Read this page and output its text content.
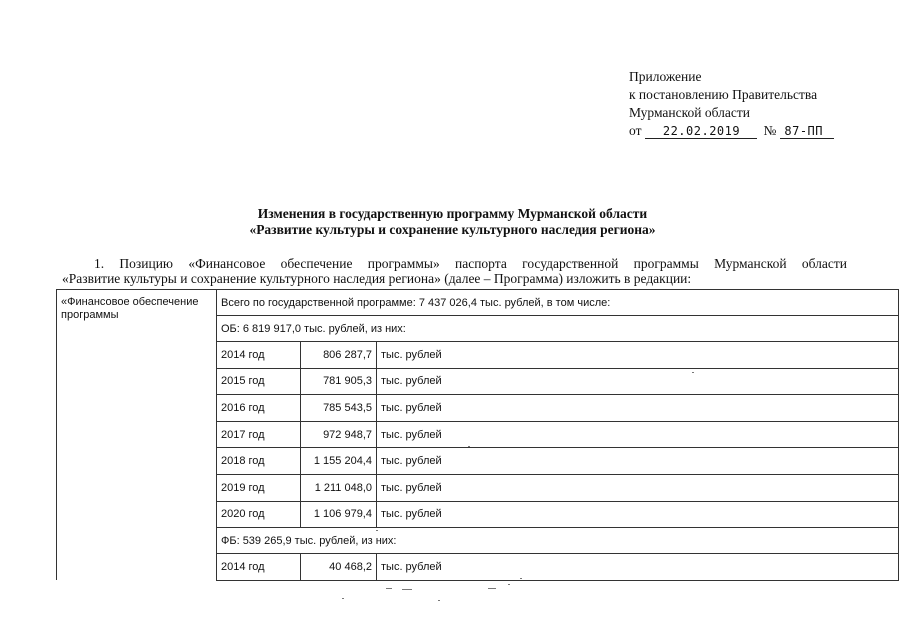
Приложение
к постановлению Правительства
Мурманской области
от 22.02.2019 № 87-ПП
Изменения в государственную программу Мурманской области
«Развитие культуры и сохранение культурного наследия региона»
1. Позицию «Финансовое обеспечение программы» паспорта государственной программы Мурманской области
«Развитие культуры и сохранение культурного наследия региона» (далее – Программа) изложить в редакции:
«Финансовое обеспечение
программы	Всего по государственной программе: 7 437 026,4 тыс. рублей, в том числе:		
	ОБ: 6 819 917,0 тыс. рублей, из них:		
	2014 год	806 287,7	тыс. рублей
	2015 год	781 905,3	тыс. рублей
	2016 год	785 543,5	тыс. рублей
	2017 год	972 948,7	тыс. рублей
	2018 год	1 155 204,4	тыс. рублей
	2019 год	1 211 048,0	тыс. рублей
	2020 год	1 106 979,4	тыс. рублей
	ФБ: 539 265,9 тыс. рублей, из них:		
	2014 год	40 468,2	тыс. рублей
